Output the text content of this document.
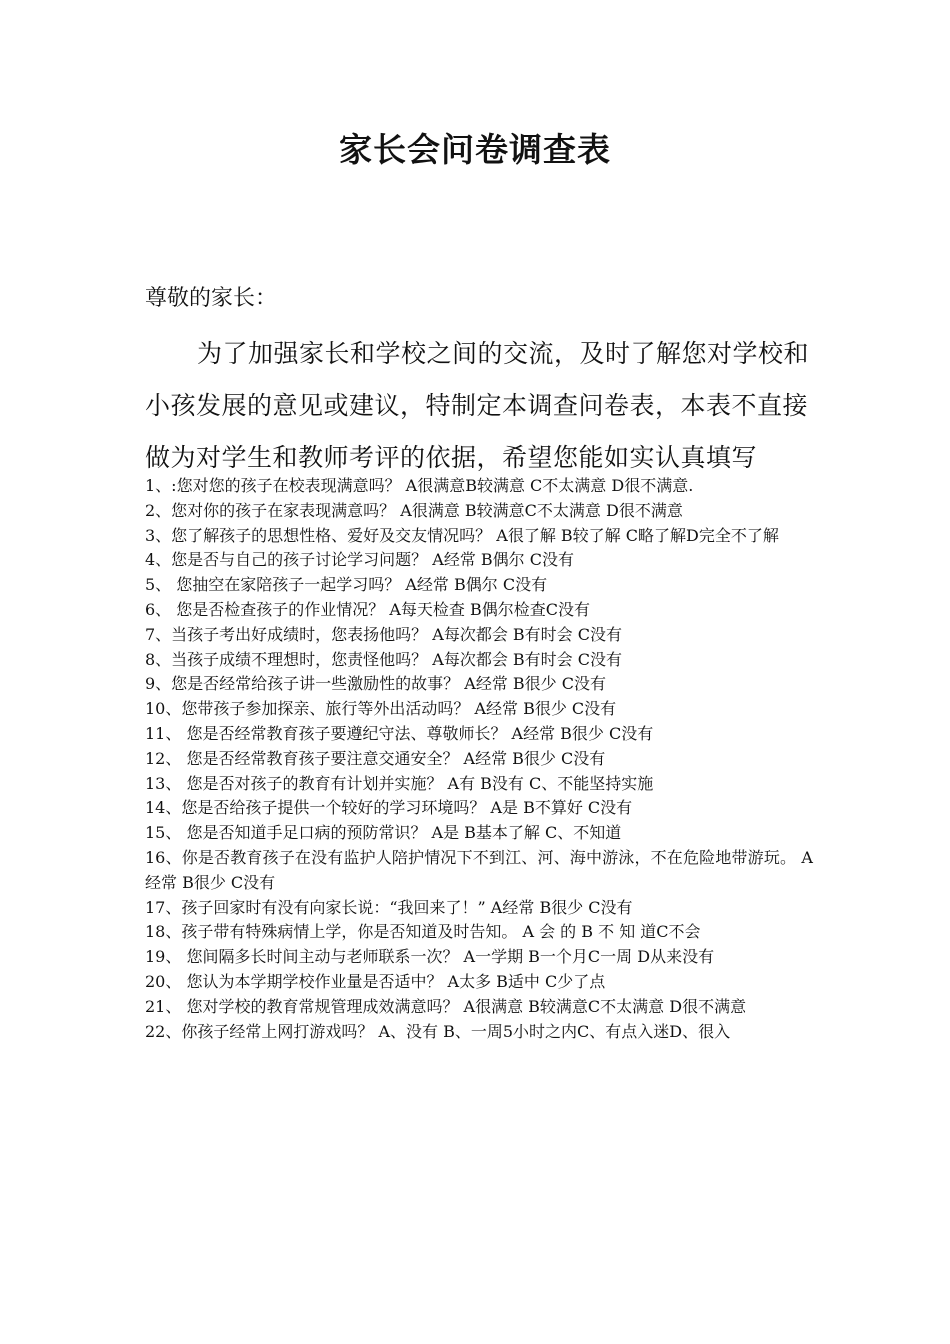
家长会问卷调查表
尊敬的家长：
为了加强家长和学校之间的交流，及时了解您对学校和小孩发展的意见或建议，特制定本调查问卷表，本表不直接做为对学生和教师考评的依据，希望您能如实认真填写
1、:您对您的孩子在校表现满意吗？ A很满意B较满意 C不太满意 D很不满意.
2、您对你的孩子在家表现满意吗？ A很满意 B较满意C不太满意 D很不满意
3、您了解孩子的思想性格、爱好及交友情况吗？ A很了解 B较了解 C略了解D完全不了解
4、您是否与自己的孩子讨论学习问题？ A经常 B偶尔 C没有
5、 您抽空在家陪孩子一起学习吗？ A经常 B偶尔 C没有
6、 您是否检查孩子的作业情况？ A每天检查 B偶尔检查C没有
7、当孩子考出好成绩时，您表扬他吗？ A每次都会 B有时会 C没有
8、当孩子成绩不理想时，您责怪他吗？ A每次都会 B有时会 C没有
9、您是否经常给孩子讲一些激励性的故事？ A经常 B很少 C没有
10、您带孩子参加探亲、旅行等外出活动吗？ A经常 B很少 C没有
11、 您是否经常教育孩子要遵纪守法、尊敬师长？ A经常 B很少 C没有
12、 您是否经常教育孩子要注意交通安全？ A经常 B很少 C没有
13、 您是否对孩子的教育有计划并实施？ A有 B没有 C、不能坚持实施
14、您是否给孩子提供一个较好的学习环境吗？ A是 B不算好 C没有
15、 您是否知道手足口病的预防常识？ A是 B基本了解 C、不知道
16、你是否教育孩子在没有监护人陪护情况下不到江、河、海中游泳，不在危险地带游玩。 A经常 B很少 C没有
17、孩子回家时有没有向家长说：“我回来了！” A经常 B很少 C没有
18、孩子带有特殊病情上学，你是否知道及时告知。 A 会 的 B 不 知 道C不会
19、 您间隔多长时间主动与老师联系一次？ A一学期 B一个月C一周 D从来没有
20、 您认为本学期学校作业量是否适中？ A太多 B适中 C少了点
21、 您对学校的教育常规管理成效满意吗？ A很满意 B较满意C不太满意 D很不满意
22、你孩子经常上网打游戏吗？ A、没有 B、一周5小时之内C、有点入迷D、很入
